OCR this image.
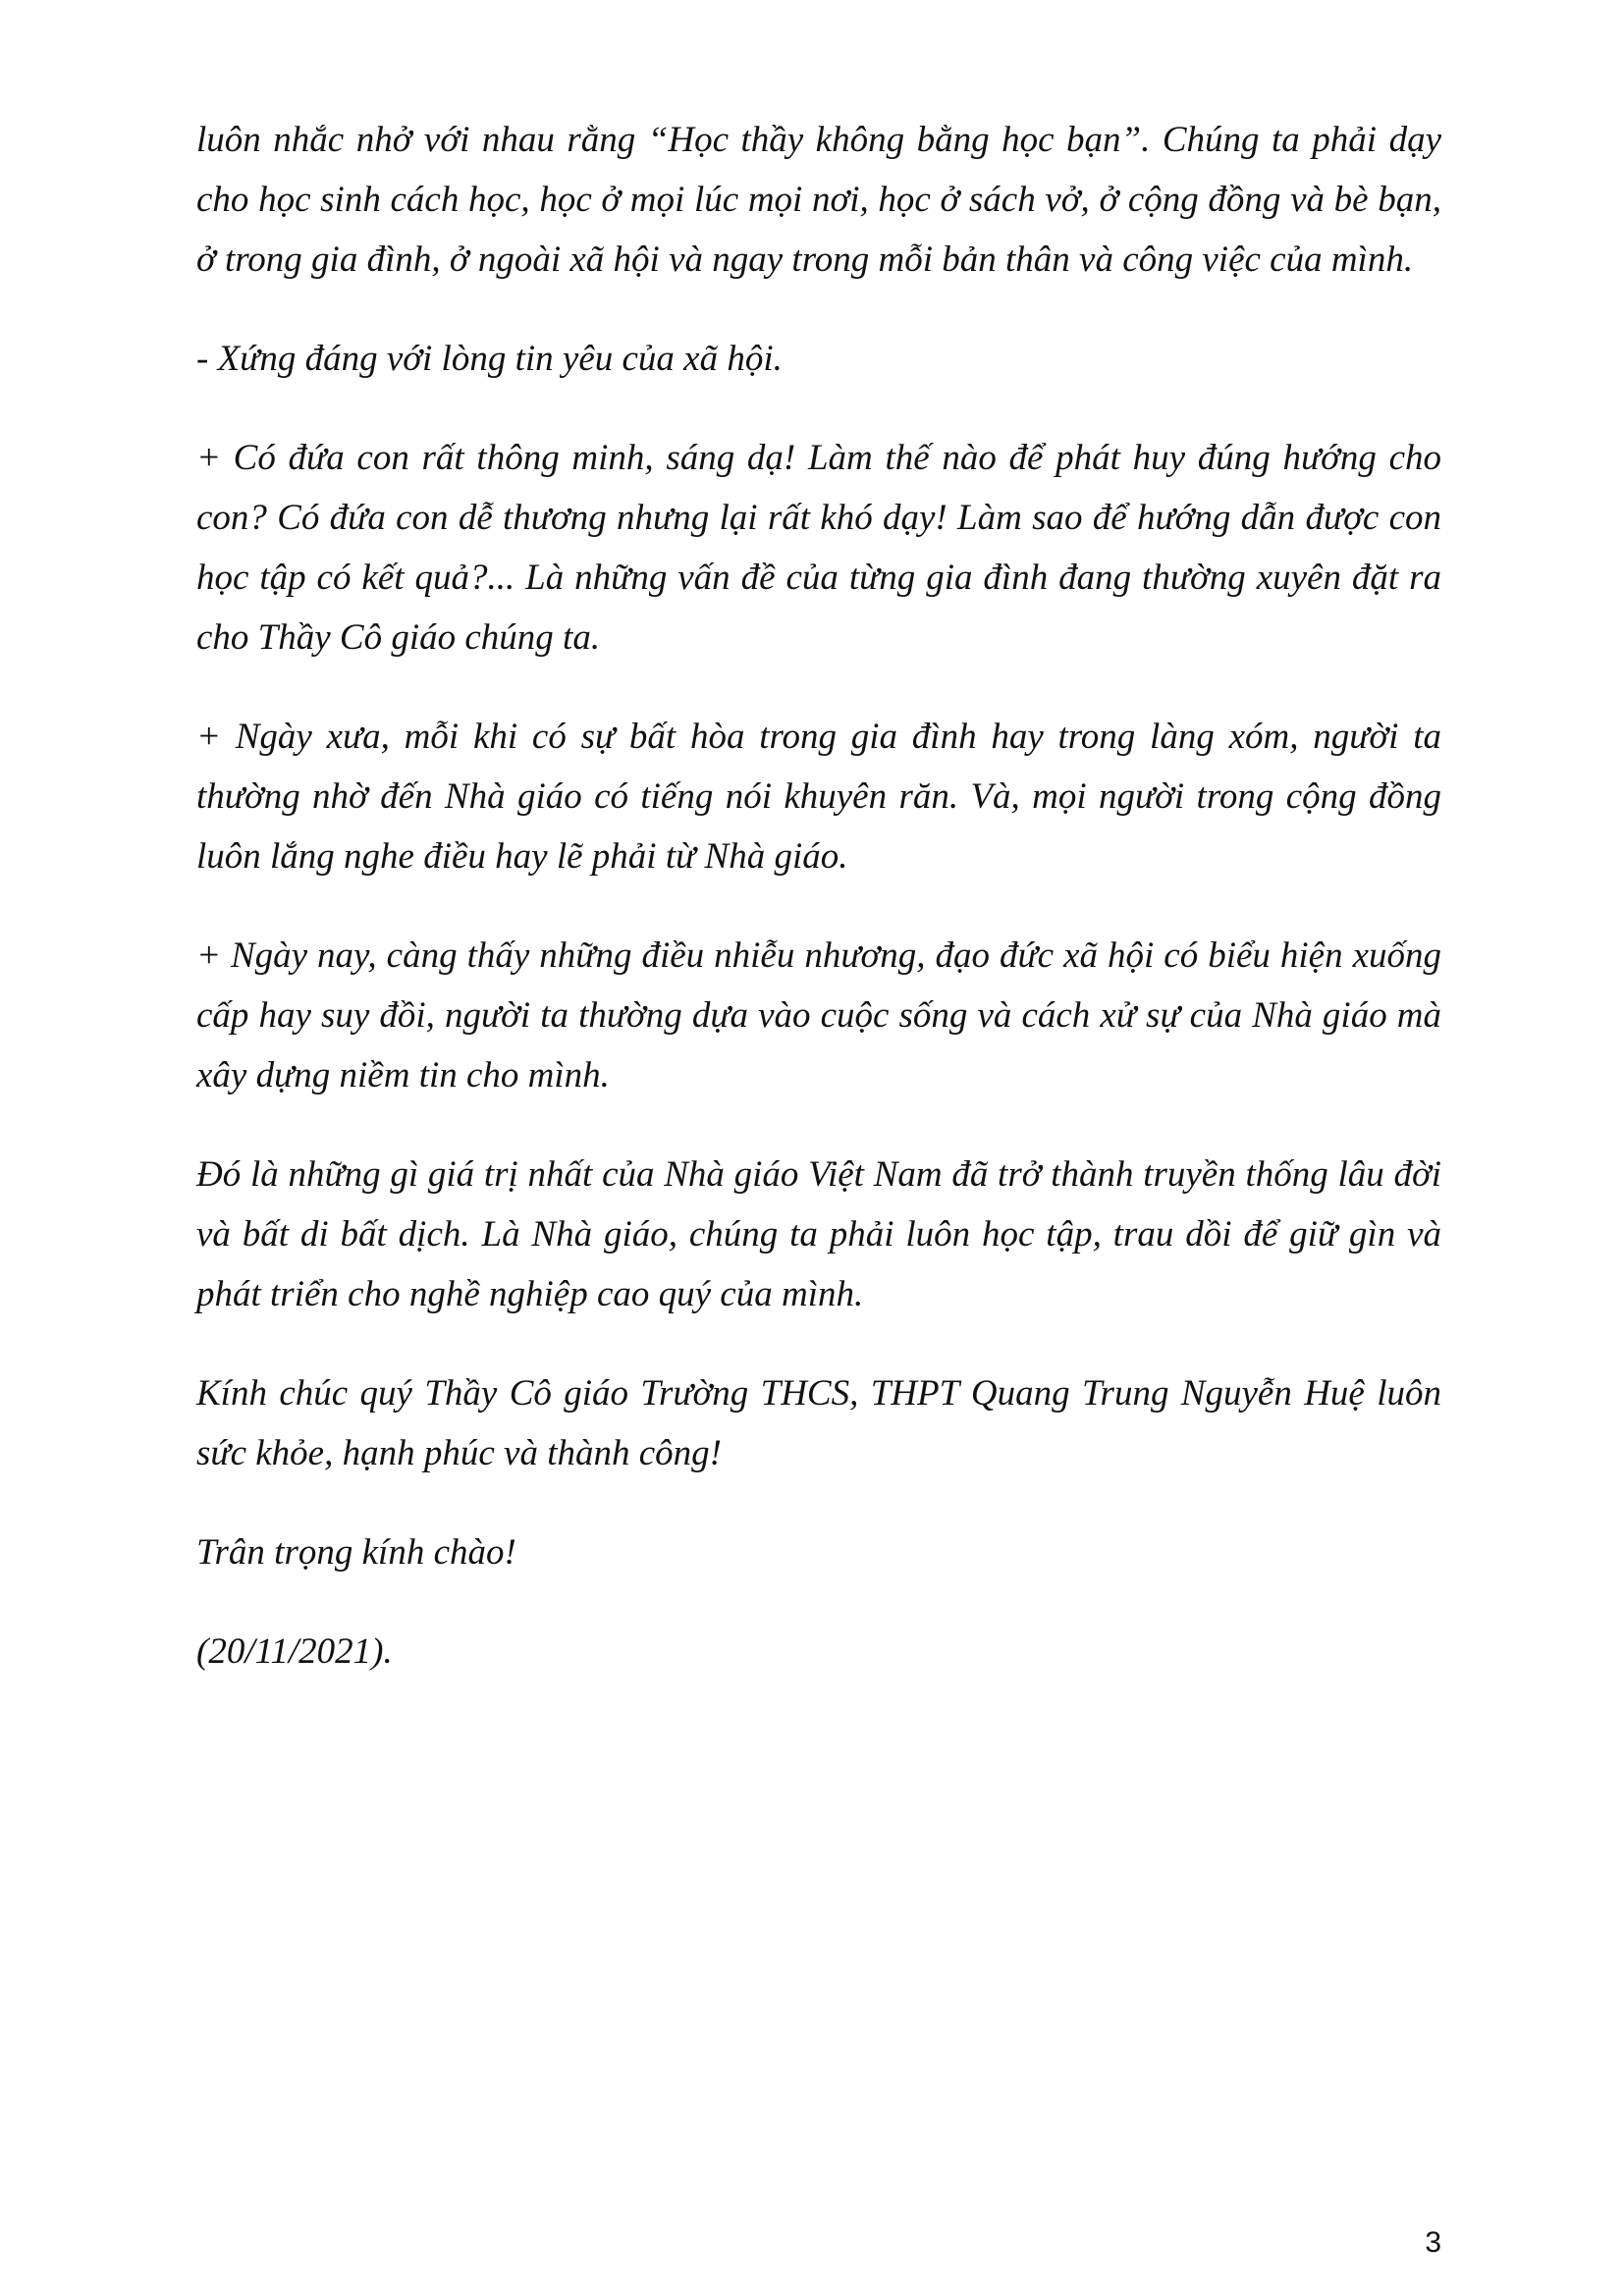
luôn nhắc nhở với nhau rằng “Học thầy không bằng học bạn”. Chúng ta phải dạy cho học sinh cách học, học ở mọi lúc mọi nơi, học ở sách vở, ở cộng đồng và bè bạn, ở trong gia đình, ở ngoài xã hội và ngay trong mỗi bản thân và công việc của mình.

- Xứng đáng với lòng tin yêu của xã hội.

+ Có đứa con rất thông minh, sáng dạ! Làm thế nào để phát huy đúng hướng cho con? Có đứa con dễ thương nhưng lại rất khó dạy! Làm sao để hướng dẫn được con học tập có kết quả?... Là những vấn đề của từng gia đình đang thường xuyên đặt ra cho Thầy Cô giáo chúng ta.

+ Ngày xưa, mỗi khi có sự bất hòa trong gia đình hay trong làng xóm, người ta thường nhờ đến Nhà giáo có tiếng nói khuyên răn. Và, mọi người trong cộng đồng luôn lắng nghe điều hay lẽ phải từ Nhà giáo.

+ Ngày nay, càng thấy những điều nhiễu nhương, đạo đức xã hội có biểu hiện xuống cấp hay suy đồi, người ta thường dựa vào cuộc sống và cách xử sự của Nhà giáo mà xây dựng niềm tin cho mình.

Đó là những gì giá trị nhất của Nhà giáo Việt Nam đã trở thành truyền thống lâu đời và bất di bất dịch. Là Nhà giáo, chúng ta phải luôn học tập, trau dồi để giữ gìn và phát triển cho nghề nghiệp cao quý của mình.

Kính chúc quý Thầy Cô giáo Trường THCS, THPT Quang Trung Nguyễn Huệ luôn sức khỏe, hạnh phúc và thành công!

Trân trọng kính chào!

(20/11/2021).

3
